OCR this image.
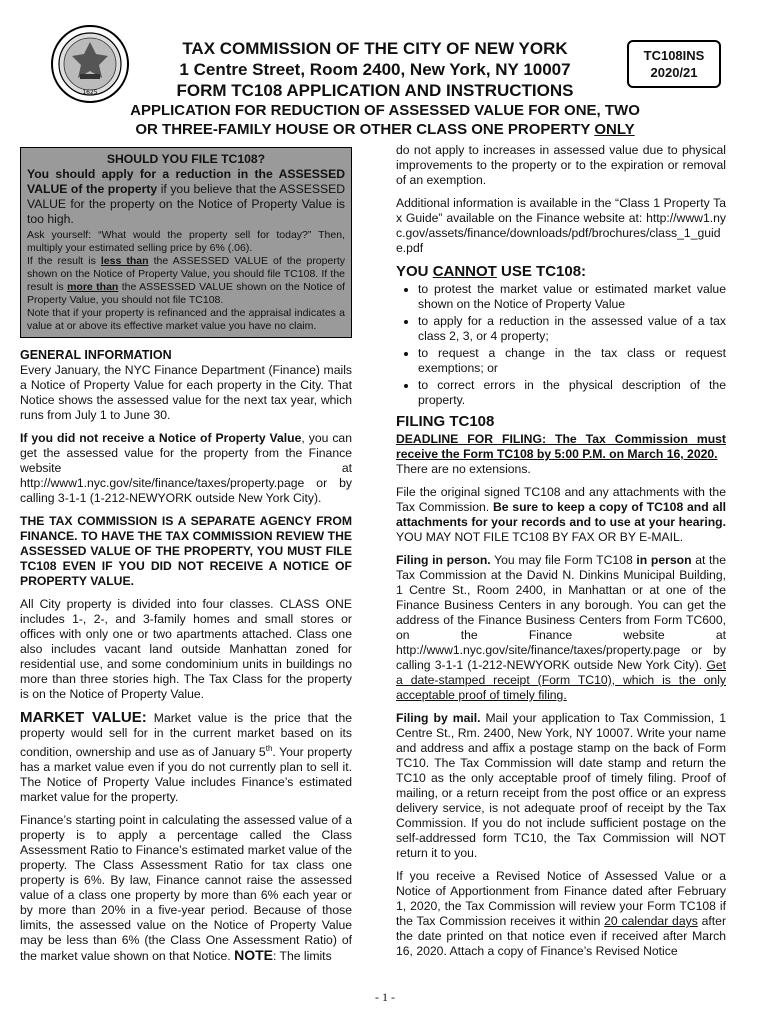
1625
TAX COMMISSION OF THE CITY OF NEW YORK
1 Centre Street, Room 2400, New York, NY 10007
FORM TC108 APPLICATION AND INSTRUCTIONS
TC108INS
2020/21
APPLICATION FOR REDUCTION OF ASSESSED VALUE FOR ONE, TWO
OR THREE-FAMILY HOUSE OR OTHER CLASS ONE PROPERTY ONLY

SHOULD YOU FILE TC108?

You should apply for a reduction in the ASSESSED VALUE of the property if you believe that the ASSESSED VALUE for the property on the Notice of Property Value is too high.

Ask yourself: “What would the property sell for today?” Then, multiply your estimated selling price by 6% (.06).

If the result is less than the ASSESSED VALUE of the property shown on the Notice of Property Value, you should file TC108. If the result is more than the ASSESSED VALUE shown on the Notice of Property Value, you should not file TC108.

Note that if your property is refinanced and the appraisal indicates a value at or above its effective market value you have no claim.

GENERAL INFORMATION

Every January, the NYC Finance Department (Finance) mails a Notice of Property Value for each property in the City. That Notice shows the assessed value for the next tax year, which runs from July 1 to June 30.

If you did not receive a Notice of Property Value, you can get the assessed value for the property from the Finance website at http://www1.nyc.gov/site/finance/taxes/property.page or by calling 3-1-1 (1-212-NEWYORK outside New York City).

THE TAX COMMISSION IS A SEPARATE AGENCY FROM FINANCE. TO HAVE THE TAX COMMISSION REVIEW THE ASSESSED VALUE OF THE PROPERTY, YOU MUST FILE TC108 EVEN IF YOU DID NOT RECEIVE A NOTICE OF PROPERTY VALUE.

All City property is divided into four classes. CLASS ONE includes 1-, 2-, and 3-family homes and small stores or offices with only one or two apartments attached. Class one also includes vacant land outside Manhattan zoned for residential use, and some condominium units in buildings no more than three stories high. The Tax Class for the property is on the Notice of Property Value.

MARKET VALUE: Market value is the price that the property would sell for in the current market based on its condition, ownership and use as of January 5th. Your property has a market value even if you do not currently plan to sell it. The Notice of Property Value includes Finance’s estimated market value for the property.

Finance’s starting point in calculating the assessed value of a property is to apply a percentage called the Class Assessment Ratio to Finance’s estimated market value of the property. The Class Assessment Ratio for tax class one property is 6%. By law, Finance cannot raise the assessed value of a class one property by more than 6% each year or by more than 20% in a five-year period. Because of those limits, the assessed value on the Notice of Property Value may be less than 6% (the Class One Assessment Ratio) of the market value shown on that Notice. NOTE: The limits

do not apply to increases in assessed value due to physical improvements to the property or to the expiration or removal of an exemption.

Additional information is available in the “Class 1 Property Tax Guide” available on the Finance website at: http://www1.nyc.gov/assets/finance/downloads/pdf/brochures/class_1_guide.pdf

YOU CANNOT USE TC108:
• to protest the market value or estimated market value shown on the Notice of Property Value
• to apply for a reduction in the assessed value of a tax class 2, 3, or 4 property;
• to request a change in the tax class or request exemptions; or
• to correct errors in the physical description of the property.
FILING TC108

DEADLINE FOR FILING: The Tax Commission must receive the Form TC108 by 5:00 P.M. on March 16, 2020.

There are no extensions.

File the original signed TC108 and any attachments with the Tax Commission. Be sure to keep a copy of TC108 and all attachments for your records and to use at your hearing. YOU MAY NOT FILE TC108 BY FAX OR BY E-MAIL.

Filing in person. You may file Form TC108 in person at the Tax Commission at the David N. Dinkins Municipal Building, 1 Centre St., Room 2400, in Manhattan or at one of the Finance Business Centers in any borough. You can get the address of the Finance Business Centers from Form TC600, on the Finance website at http://www1.nyc.gov/site/finance/taxes/property.page or by calling 3-1-1 (1-212-NEWYORK outside New York City). Get a date-stamped receipt (Form TC10), which is the only acceptable proof of timely filing.

Filing by mail. Mail your application to Tax Commission, 1 Centre St., Rm. 2400, New York, NY 10007. Write your name and address and affix a postage stamp on the back of Form TC10. The Tax Commission will date stamp and return the TC10 as the only acceptable proof of timely filing. Proof of mailing, or a return receipt from the post office or an express delivery service, is not adequate proof of receipt by the Tax Commission. If you do not include sufficient postage on the self-addressed form TC10, the Tax Commission will NOT return it to you.

If you receive a Revised Notice of Assessed Value or a Notice of Apportionment from Finance dated after February 1, 2020, the Tax Commission will review your Form TC108 if the Tax Commission receives it within 20 calendar days after the date printed on that notice even if received after March 16, 2020. Attach a copy of Finance’s Revised Notice

- 1 -
